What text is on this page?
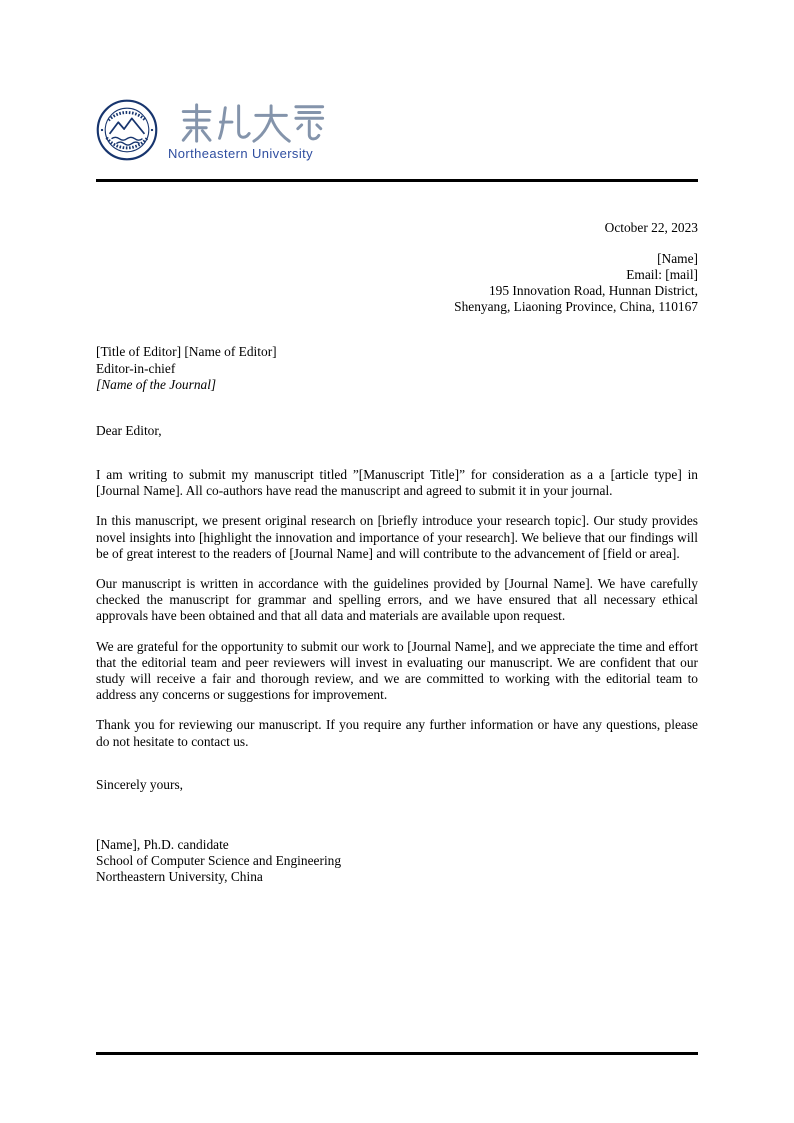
Northeastern University
October 22, 2023
[Name]
Email: [mail]
195 Innovation Road, Hunnan District,
Shenyang, Liaoning Province, China, 110167
[Title of Editor] [Name of Editor]
Editor-in-chief
[Name of the Journal]
Dear Editor,

I am writing to submit my manuscript titled ”[Manuscript Title]” for consideration as a a [article type] in [Journal Name]. All co-authors have read the manuscript and agreed to submit it in your journal.

In this manuscript, we present original research on [briefly introduce your research topic]. Our study provides novel insights into [highlight the innovation and importance of your research]. We believe that our findings will be of great interest to the readers of [Journal Name] and will contribute to the advancement of [field or area].

Our manuscript is written in accordance with the guidelines provided by [Journal Name]. We have carefully checked the manuscript for grammar and spelling errors, and we have ensured that all necessary ethical approvals have been obtained and that all data and materials are available upon request.

We are grateful for the opportunity to submit our work to [Journal Name], and we appreciate the time and effort that the editorial team and peer reviewers will invest in evaluating our manuscript. We are confident that our study will receive a fair and thorough review, and we are committed to working with the editorial team to address any concerns or suggestions for improvement.

Thank you for reviewing our manuscript. If you require any further information or have any questions, please do not hesitate to contact us.

Sincerely yours,
[Name], Ph.D. candidate
School of Computer Science and Engineering
Northeastern University, China
